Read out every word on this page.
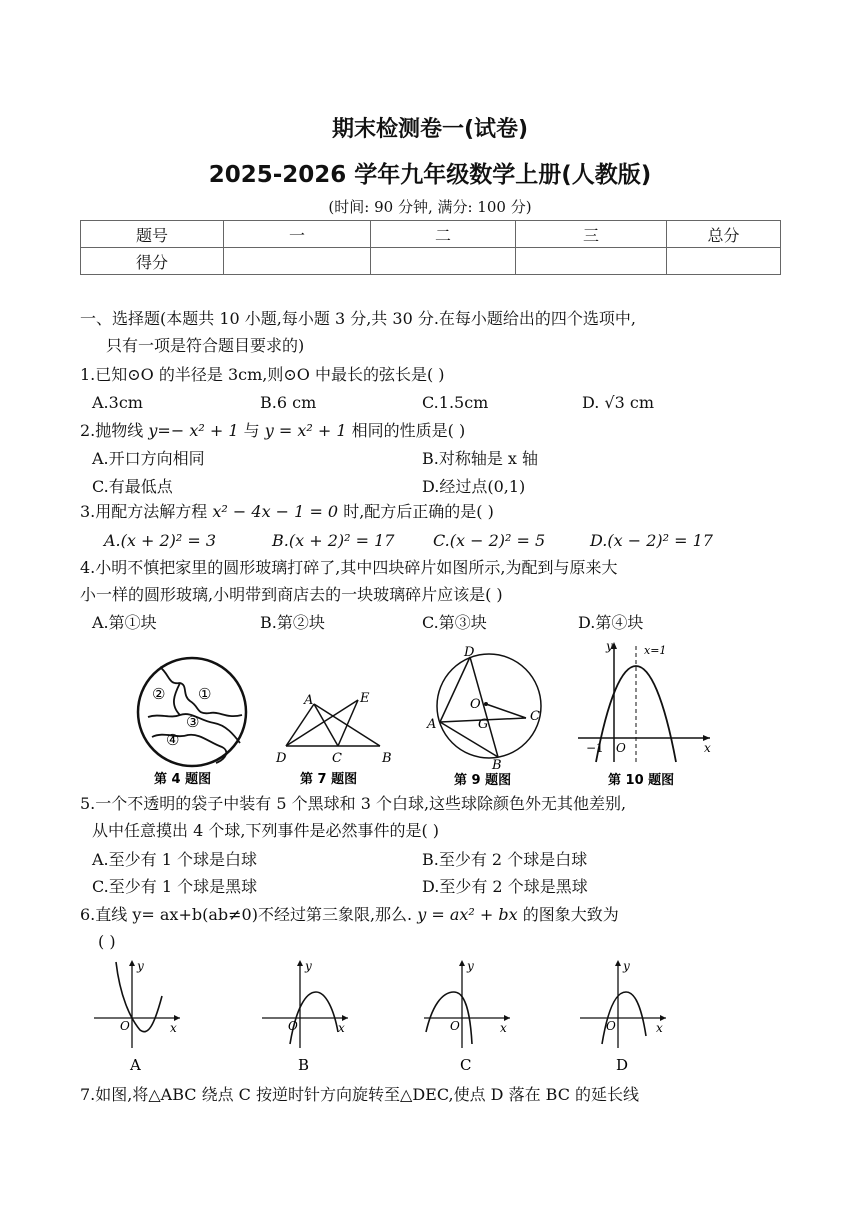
期末检测卷一(试卷)
2025-2026 学年九年级数学上册(人教版)
(时间: 90 分钟, 满分: 100 分)
题号	一	二	三	总分
得分				
一、选择题(本题共 10 小题,每小题 3 分,共 30 分.在每小题给出的四个选项中,
只有一项是符合题目要求的)
1.已知⊙O 的半径是 3cm,则⊙O 中最长的弦长是( )
A.3cm	B.6 cm	C.1.5cm	D. √3 cm
2.抛物线 y=− x² + 1 与 y = x² + 1 相同的性质是( )
A.开口方向相同	B.对称轴是 x 轴
C.有最低点	D.经过点(0,1)
3.用配方法解方程 x² − 4x − 1 = 0 时,配方后正确的是( )
A.(x + 2)² = 3	B.(x + 2)² = 17 C.(x − 2)² = 5	D.(x − 2)² = 17
4.小明不慎把家里的圆形玻璃打碎了,其中四块碎片如图所示,为配到与原来大
小一样的圆形玻璃,小明带到商店去的一块玻璃碎片应该是( )
A.第①块	B.第②块	C.第③块	D.第④块
② ①
③
④
第 4 题图
A	E
D	C	B
第 7 题图
D
O
A	G
C
B
第 9 题图
y	x=1
−1 O	x
第 10 题图
5.一个不透明的袋子中装有 5 个黑球和 3 个白球,这些球除颜色外无其他差别,
从中任意摸出 4 个球,下列事件是必然事件的是( )
A.至少有 1 个球是白球	B.至少有 2 个球是白球
C.至少有 1 个球是黑球	D.至少有 2 个球是黑球
6.直线 y= ax+b(ab≠0)不经过第三象限,那么. y = ax² + bx 的图象大致为
( )
y
O	x
A
y
O	x
B
y
O	x
C
y
O	x
D
7.如图,将△ABC 绕点 C 按逆时针方向旋转至△DEC,使点 D 落在 BC 的延长线
